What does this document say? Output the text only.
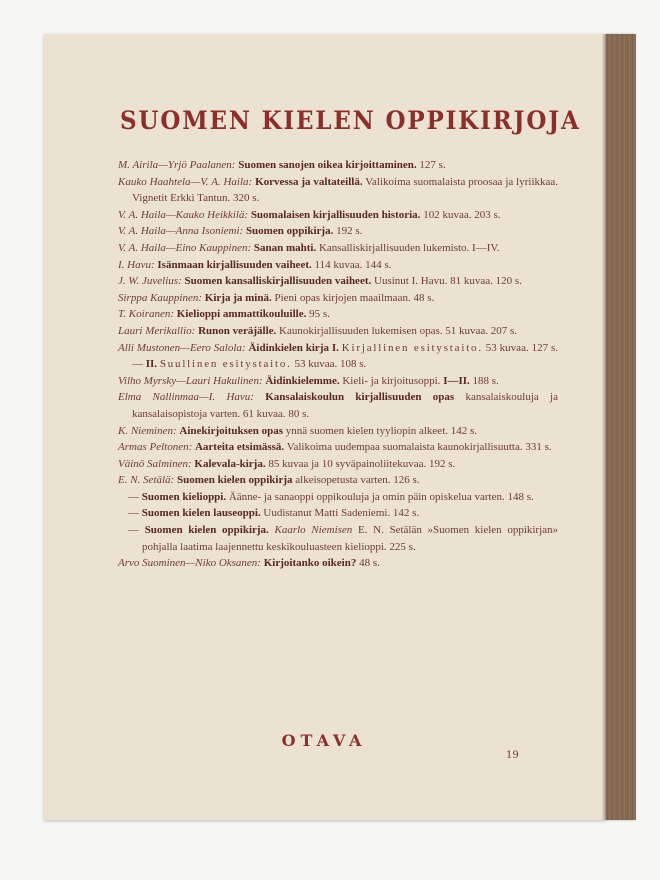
SUOMEN KIELEN OPPIKIRJOJA

M. Airila—Yrjö Paalanen: Suomen sanojen oikea kirjoittaminen. 127 s.

Kauko Haahtela—V. A. Haila: Korvessa ja valtateillä. Valikoima suomalaista proosaa ja lyriikkaa. Vignetit Erkki Tantun. 320 s.

V. A. Haila—Kauko Heikkilä: Suomalaisen kirjallisuuden historia. 102 kuvaa. 203 s.

V. A. Haila—Anna Isoniemi: Suomen oppikirja. 192 s.

V. A. Haila—Eino Kauppinen: Sanan mahti. Kansalliskirjallisuuden lukemisto. I—IV.

I. Havu: Isänmaan kirjallisuuden vaiheet. 114 kuvaa. 144 s.

J. W. Juvelius: Suomen kansalliskirjallisuuden vaiheet. Uusinut I. Havu. 81 kuvaa. 120 s.

Sirppa Kauppinen: Kirja ja minä. Pieni opas kirjojen maailmaan. 48 s.

T. Koiranen: Kielioppi ammattikouluille. 95 s.

Lauri Merikallio: Runon veräjälle. Kaunokirjallisuuden lukemisen opas. 51 kuvaa. 207 s.

Alli Mustonen—Eero Salola: Äidinkielen kirja I. Kirjallinen esitystaito. 53 kuvaa. 127 s. — II. Suullinen esitystaito. 53 kuvaa. 108 s.

Vilho Myrsky—Lauri Hakulinen: Äidinkielemme. Kieli- ja kirjoitusoppi. I—II. 188 s.

Elma Nallinmaa—I. Havu: Kansalaiskoulun kirjallisuuden opas kansalaiskouluja ja kansalaisopistoja varten. 61 kuvaa. 80 s.

K. Nieminen: Ainekirjoituksen opas ynnä suomen kielen tyyliopin alkeet. 142 s.

Armas Peltonen: Aarteita etsimässä. Valikoima uudempaa suomalaista kaunokirjallisuutta. 331 s.

Väinö Salminen: Kalevala-kirja. 85 kuvaa ja 10 syväpainoliitekuvaa. 192 s.

E. N. Setälä: Suomen kielen oppikirja alkeisopetusta varten. 126 s.

— Suomen kielioppi. Äänne- ja sanaoppi oppikouluja ja omin päin opiskelua varten. 148 s.

— Suomen kielen lauseoppi. Uudistanut Matti Sadeniemi. 142 s.

— Suomen kielen oppikirja. Kaarlo Niemisen E. N. Setälän »Suomen kielen oppikirjan» pohjalla laatima laajennettu keskikouluasteen kielioppi. 225 s.

Arvo Suominen—Niko Oksanen: Kirjoitanko oikein? 48 s.

OTAVA
19
